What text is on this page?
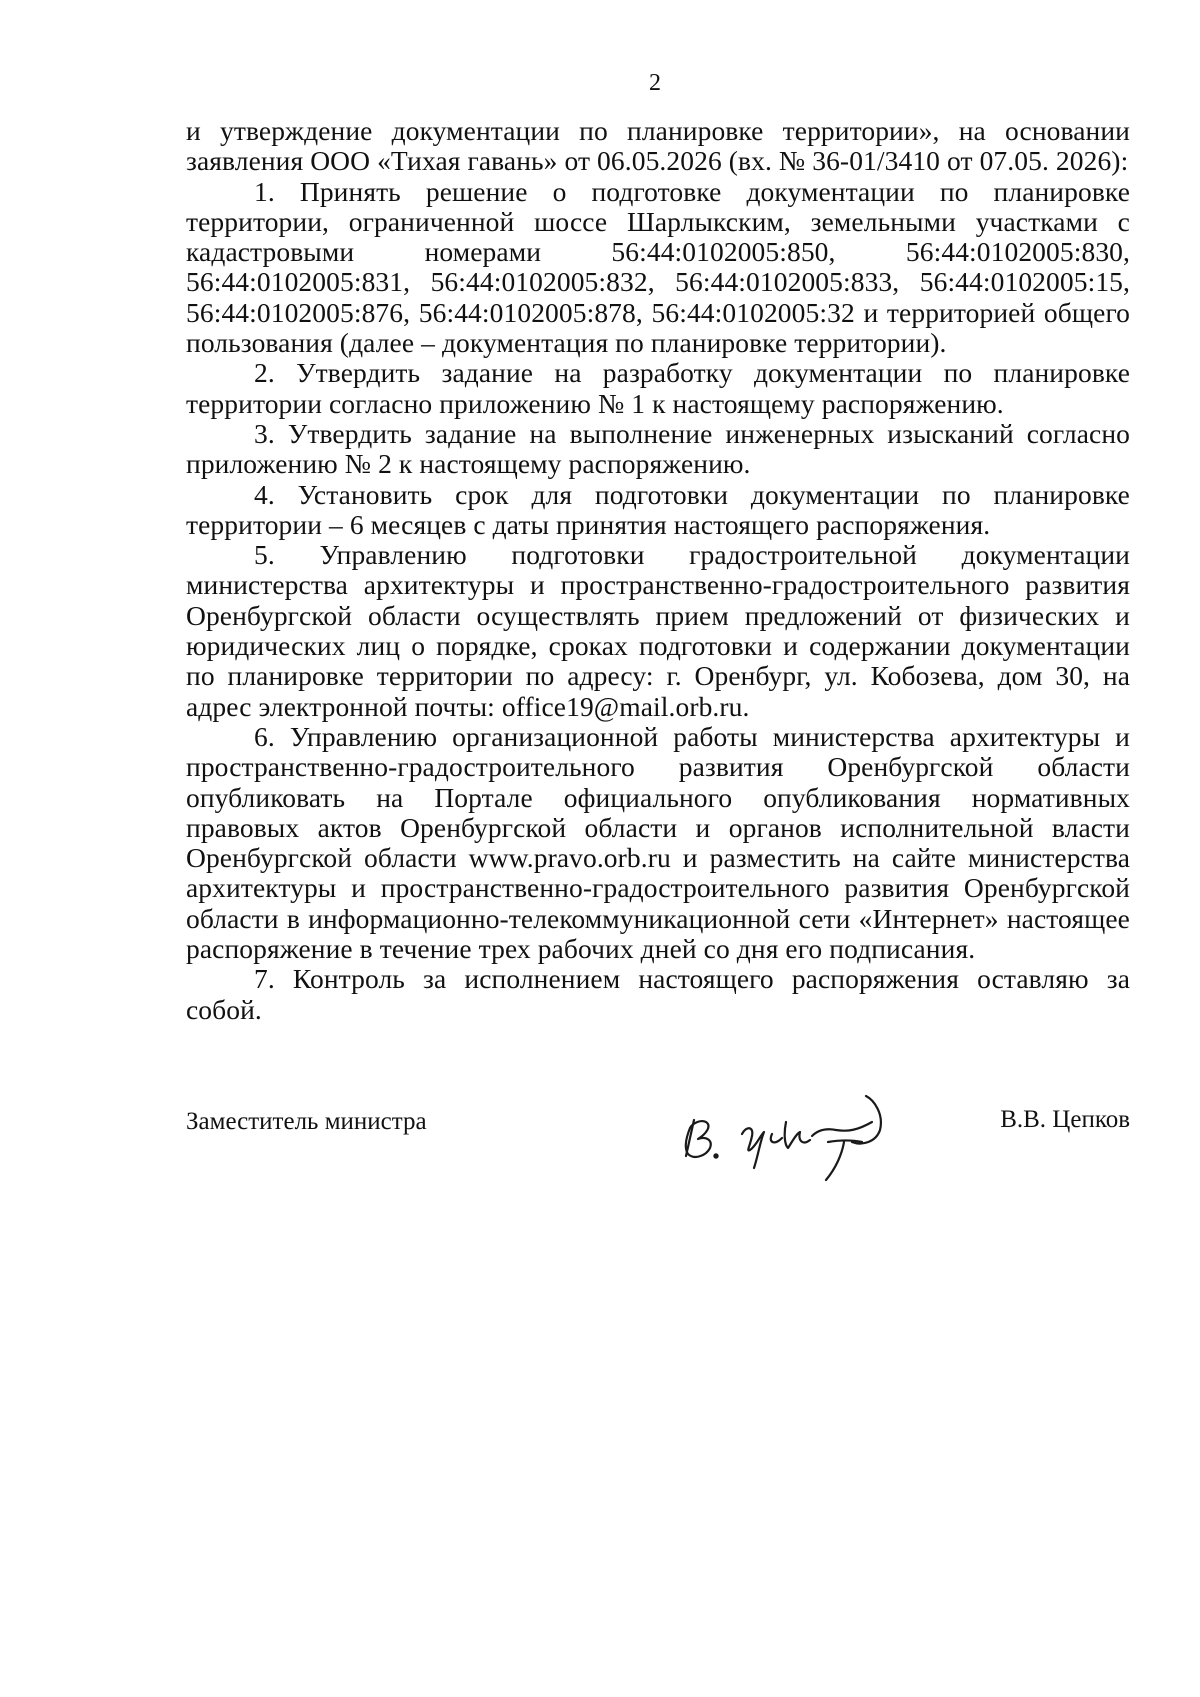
2

и утверждение документации по планировке территории», на основании заявления ООО «Тихая гавань» от 06.05.2026 (вх. № 36-01/3410 от 07.05. 2026):

1. Принять решение о подготовке документации по планировке территории, ограниченной шоссе Шарлыкским, земельными участками с кадастровыми номерами 56:44:0102005:850, 56:44:0102005:830, 56:44:0102005:831, 56:44:0102005:832, 56:44:0102005:833, 56:44:0102005:15, 56:44:0102005:876, 56:44:0102005:878, 56:44:0102005:32 и территорией общего пользования (далее – документация по планировке территории).

2. Утвердить задание на разработку документации по планировке территории согласно приложению № 1 к настоящему распоряжению.

3. Утвердить задание на выполнение инженерных изысканий согласно приложению № 2 к настоящему распоряжению.

4. Установить срок для подготовки документации по планировке территории – 6 месяцев с даты принятия настоящего распоряжения.

5. Управлению подготовки градостроительной документации министерства архитектуры и пространственно-градостроительного развития Оренбургской области осуществлять прием предложений от физических и юридических лиц о порядке, сроках подготовки и содержании документации по планировке территории по адресу: г. Оренбург, ул. Кобозева, дом 30, на адрес электронной почты: office19@mail.orb.ru.

6. Управлению организационной работы министерства архитектуры и пространственно-градостроительного развития Оренбургской области опубликовать на Портале официального опубликования нормативных правовых актов Оренбургской области и органов исполнительной власти Оренбургской области www.pravo.orb.ru и разместить на сайте министерства архитектуры и пространственно-градостроительного развития Оренбургской области в информационно-телекоммуникационной сети «Интернет» настоящее распоряжение в течение трех рабочих дней со дня его подписания.

7. Контроль за исполнением настоящего распоряжения оставляю за собой.

Заместитель министра	В.В. Цепков
